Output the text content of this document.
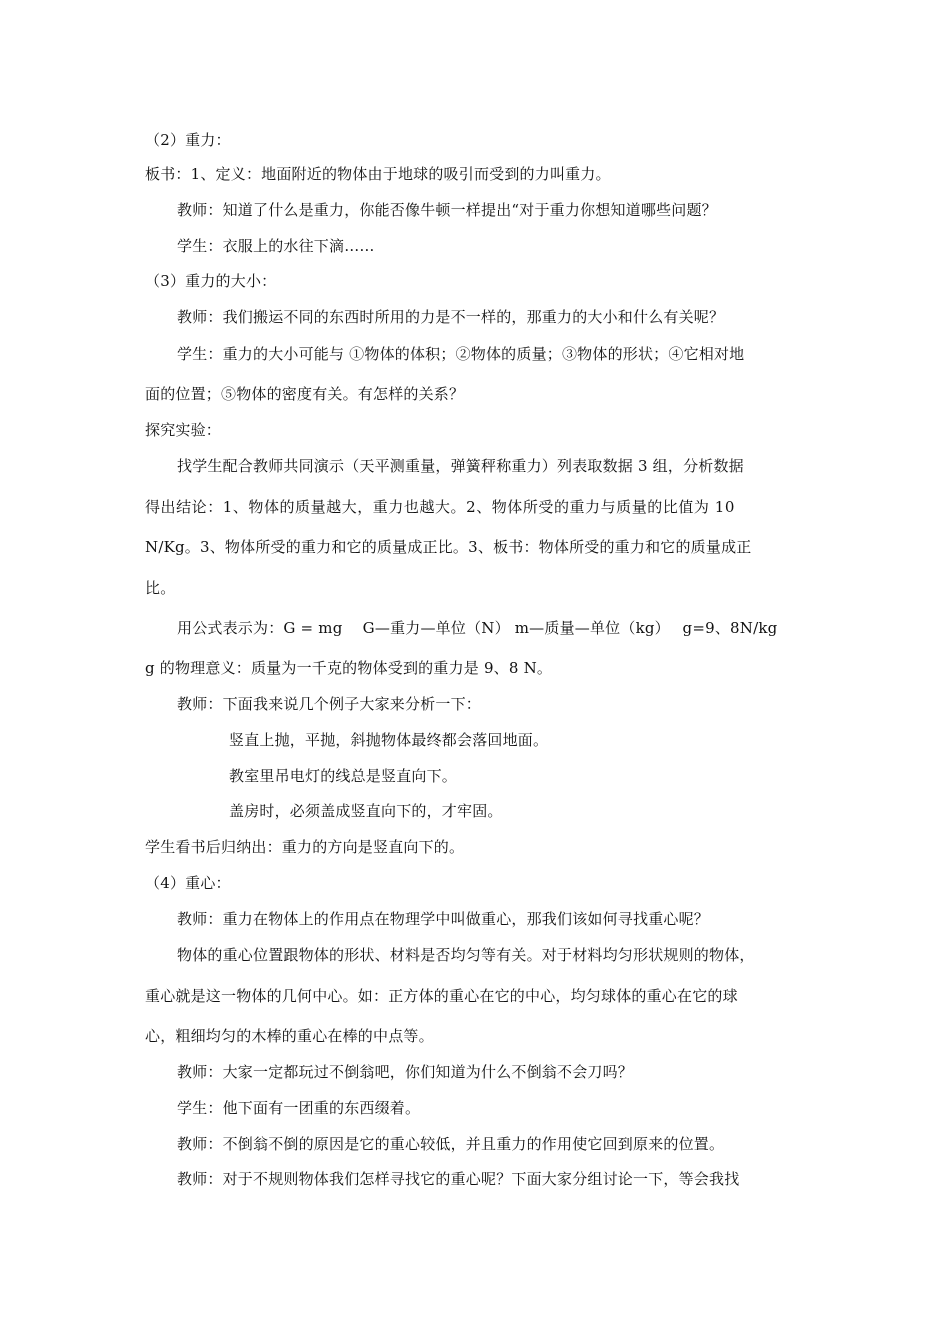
（2）重力：
板书：1、定义：地面附近的物体由于地球的吸引而受到的力叫重力。
教师：知道了什么是重力，你能否像牛顿一样提出“对于重力你想知道哪些问题？
学生：衣服上的水往下滴……
（3）重力的大小：
教师：我们搬运不同的东西时所用的力是不一样的，那重力的大小和什么有关呢？
学生：重力的大小可能与 ①物体的体积；②物体的质量；③物体的形状；④它相对地
面的位置；⑤物体的密度有关。有怎样的关系？
探究实验：
找学生配合教师共同演示（天平测重量，弹簧秤称重力）列表取数据 3 组，分析数据
得出结论：1、物体的质量越大，重力也越大。2、物体所受的重力与质量的比值为 10
N/Kg。3、物体所受的重力和它的质量成正比。3、板书：物体所受的重力和它的质量成正
比。
用公式表示为：G = mg　 G—重力—单位（N） m—质量—单位（kg）　 g=9、8N/kg
g 的物理意义：质量为一千克的物体受到的重力是 9、8 N。
教师：下面我来说几个例子大家来分析一下：
竖直上抛，平抛，斜抛物体最终都会落回地面。
教室里吊电灯的线总是竖直向下。
盖房时，必须盖成竖直向下的，才牢固。
学生看书后归纳出：重力的方向是竖直向下的。
（4）重心：
教师：重力在物体上的作用点在物理学中叫做重心，那我们该如何寻找重心呢？
物体的重心位置跟物体的形状、材料是否均匀等有关。对于材料均匀形状规则的物体，
重心就是这一物体的几何中心。如：正方体的重心在它的中心，均匀球体的重心在它的球
心，粗细均匀的木棒的重心在棒的中点等。
教师：大家一定都玩过不倒翁吧，你们知道为什么不倒翁不会刀吗？
学生：他下面有一团重的东西缀着。
教师：不倒翁不倒的原因是它的重心较低，并且重力的作用使它回到原来的位置。
教师：对于不规则物体我们怎样寻找它的重心呢？下面大家分组讨论一下，等会我找
